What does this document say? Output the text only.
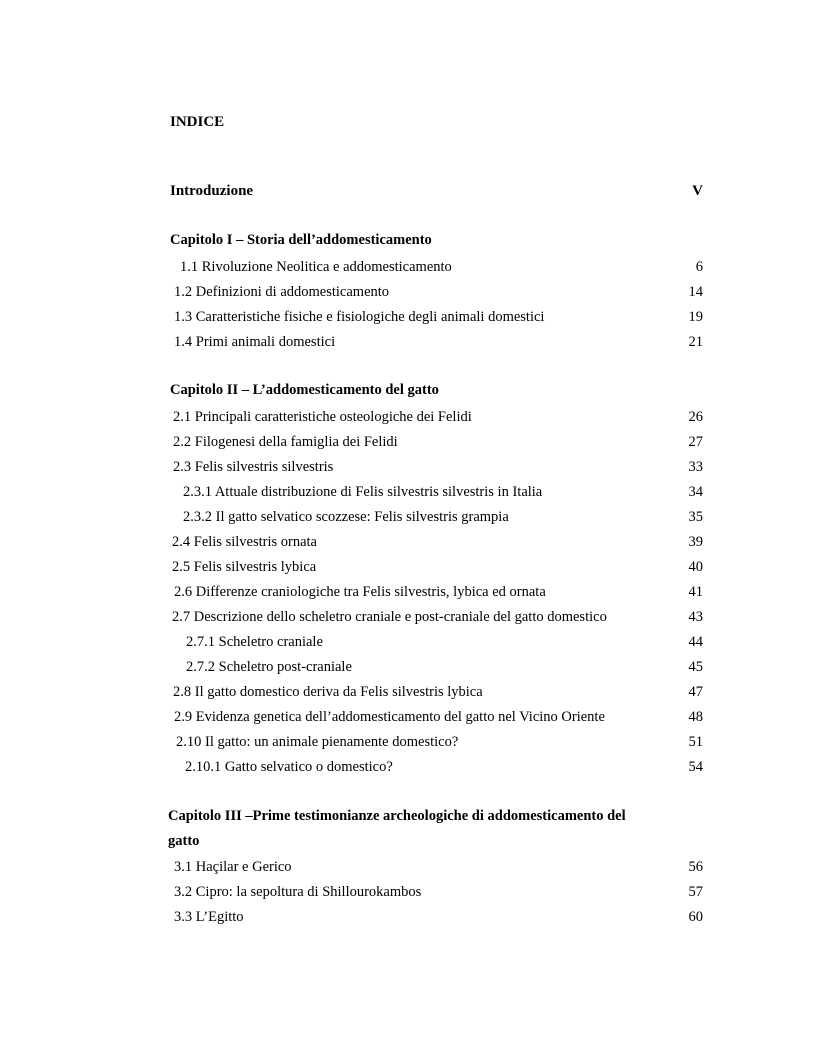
INDICE
Introduzione	V
Capitolo I – Storia dell’addomesticamento
1.1 Rivoluzione Neolitica e addomesticamento	6
1.2 Definizioni di addomesticamento	14
1.3 Caratteristiche fisiche e fisiologiche degli animali domestici	19
1.4 Primi animali domestici	21
Capitolo II – L’addomesticamento del gatto
2.1 Principali caratteristiche osteologiche dei Felidi	26
2.2 Filogenesi della famiglia dei Felidi	27
2.3 Felis silvestris silvestris	33
2.3.1 Attuale distribuzione di Felis silvestris silvestris in Italia	34
2.3.2 Il gatto selvatico scozzese: Felis silvestris grampia	35
2.4 Felis silvestris ornata	39
2.5 Felis silvestris lybica	40
2.6 Differenze craniologiche tra Felis silvestris, lybica ed ornata	41
2.7 Descrizione dello scheletro craniale e post-craniale del gatto domestico	43
2.7.1 Scheletro craniale	44
2.7.2 Scheletro post-craniale	45
2.8 Il gatto domestico deriva da Felis silvestris lybica	47
2.9 Evidenza genetica dell’addomesticamento del gatto nel Vicino Oriente	48
2.10 Il gatto: un animale pienamente domestico?	51
2.10.1 Gatto selvatico o domestico?	54
Capitolo III –Prime testimonianze archeologiche di addomesticamento del
gatto
3.1 Haçilar e Gerico	56
3.2 Cipro: la sepoltura di Shillourokambos	57
3.3 L’Egitto	60
